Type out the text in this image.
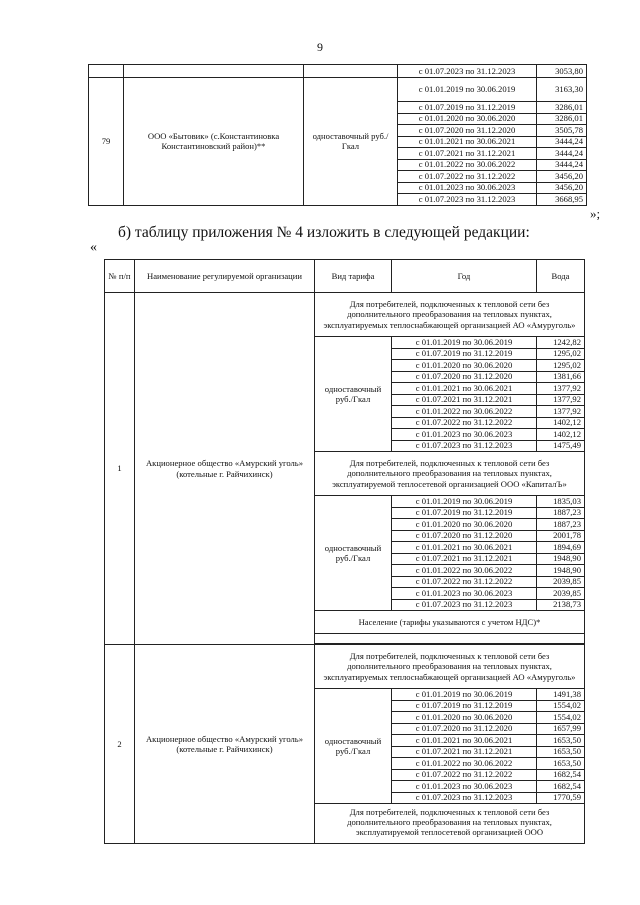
9
			с 01.07.2023 по 31.12.2023	3053,80
79	ООО «Бытовик» (с.Константиновка Константиновский район)**	одноставочный руб./Гкал	с 01.01.2019 по 30.06.2019	3163,30
			с 01.07.2019 по 31.12.2019	3286,01
			с 01.01.2020 по 30.06.2020	3286,01
			с 01.07.2020 по 31.12.2020	3505,78
			с 01.01.2021 по 30.06.2021	3444,24
			с 01.07.2021 по 31.12.2021	3444,24
			с 01.01.2022 по 30.06.2022	3444,24
			с 01.07.2022 по 31.12.2022	3456,20
			с 01.01.2023 по 30.06.2023	3456,20
			с 01.07.2023 по 31.12.2023	3668,95
»;
б) таблицу приложения № 4 изложить в следующей редакции:
«
№ п/п	Наименование регулируемой организации	Вид тарифа	Год	Вода
1	Акционерное общество «Амурский уголь» (котельные г. Райчихинск)	Для потребителей, подключенных к тепловой сети без дополнительного преобразования на тепловых пунктах, эксплуатируемых теплоснабжающей организацией АО «Амуруголь»		
		одноставочный руб./Гкал	с 01.01.2019 по 30.06.2019	1242,82
			с 01.07.2019 по 31.12.2019	1295,02
			с 01.01.2020 по 30.06.2020	1295,02
			с 01.07.2020 по 31.12.2020	1381,66
			с 01.01.2021 по 30.06.2021	1377,92
			с 01.07.2021 по 31.12.2021	1377,92
			с 01.01.2022 по 30.06.2022	1377,92
			с 01.07.2022 по 31.12.2022	1402,12
			с 01.01.2023 по 30.06.2023	1402,12
			с 01.07.2023 по 31.12.2023	1475,49
		Для потребителей, подключенных к тепловой сети без дополнительного преобразования на тепловых пунктах, эксплуатируемой теплосетевой организацией ООО «КапиталЪ»		
		одноставочный руб./Гкал	с 01.01.2019 по 30.06.2019	1835,03
			с 01.07.2019 по 31.12.2019	1887,23
			с 01.01.2020 по 30.06.2020	1887,23
			с 01.07.2020 по 31.12.2020	2001,78
			с 01.01.2021 по 30.06.2021	1894,69
			с 01.07.2021 по 31.12.2021	1948,90
			с 01.01.2022 по 30.06.2022	1948,90
			с 01.07.2022 по 31.12.2022	2039,85
			с 01.01.2023 по 30.06.2023	2039,85
			с 01.07.2023 по 31.12.2023	2138,73
		Население (тарифы указываются с учетом НДС)*		

2	Акционерное общество «Амурский уголь» (котельные г. Райчихинск)	Для потребителей, подключенных к тепловой сети без дополнительного преобразования на тепловых пунктах, эксплуатируемых теплоснабжающей организацией АО «Амуруголь»		
		одноставочный руб./Гкал	с 01.01.2019 по 30.06.2019	1491,38
			с 01.07.2019 по 31.12.2019	1554,02
			с 01.01.2020 по 30.06.2020	1554,02
			с 01.07.2020 по 31.12.2020	1657,99
			с 01.01.2021 по 30.06.2021	1653,50
			с 01.07.2021 по 31.12.2021	1653,50
			с 01.01.2022 по 30.06.2022	1653,50
			с 01.07.2022 по 31.12.2022	1682,54
			с 01.01.2023 по 30.06.2023	1682,54
			с 01.07.2023 по 31.12.2023	1770,59
		Для потребителей, подключенных к тепловой сети без дополнительного преобразования на тепловых пунктах, эксплуатируемой теплосетевой организацией ООО		
